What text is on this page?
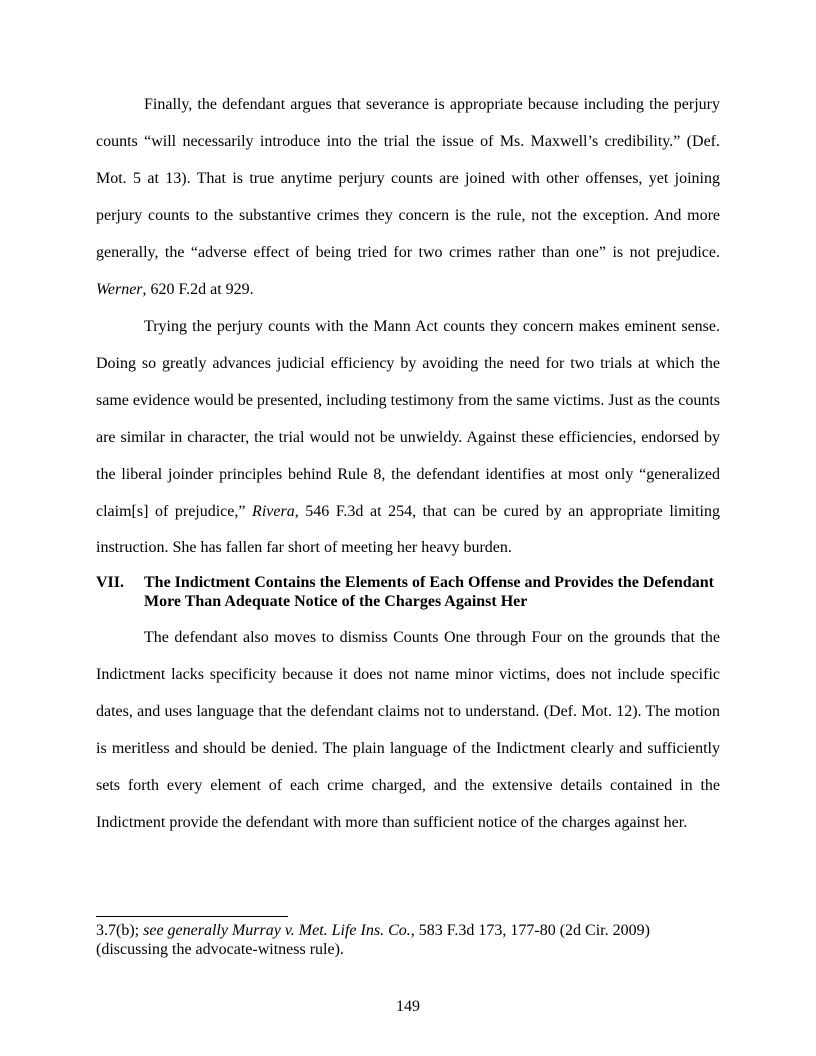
Finally, the defendant argues that severance is appropriate because including the perjury counts “will necessarily introduce into the trial the issue of Ms. Maxwell’s credibility.” (Def. Mot. 5 at 13). That is true anytime perjury counts are joined with other offenses, yet joining perjury counts to the substantive crimes they concern is the rule, not the exception. And more generally, the “adverse effect of being tried for two crimes rather than one” is not prejudice. Werner, 620 F.2d at 929.

Trying the perjury counts with the Mann Act counts they concern makes eminent sense. Doing so greatly advances judicial efficiency by avoiding the need for two trials at which the same evidence would be presented, including testimony from the same victims. Just as the counts are similar in character, the trial would not be unwieldy. Against these efficiencies, endorsed by the liberal joinder principles behind Rule 8, the defendant identifies at most only “generalized claim[s] of prejudice,” Rivera, 546 F.3d at 254, that can be cured by an appropriate limiting instruction. She has fallen far short of meeting her heavy burden.

VII. The Indictment Contains the Elements of Each Offense and Provides the Defendant More Than Adequate Notice of the Charges Against Her

The defendant also moves to dismiss Counts One through Four on the grounds that the Indictment lacks specificity because it does not name minor victims, does not include specific dates, and uses language that the defendant claims not to understand. (Def. Mot. 12). The motion is meritless and should be denied. The plain language of the Indictment clearly and sufficiently sets forth every element of each crime charged, and the extensive details contained in the Indictment provide the defendant with more than sufficient notice of the charges against her.

3.7(b); see generally Murray v. Met. Life Ins. Co., 583 F.3d 173, 177-80 (2d Cir. 2009) (discussing the advocate-witness rule).

149
